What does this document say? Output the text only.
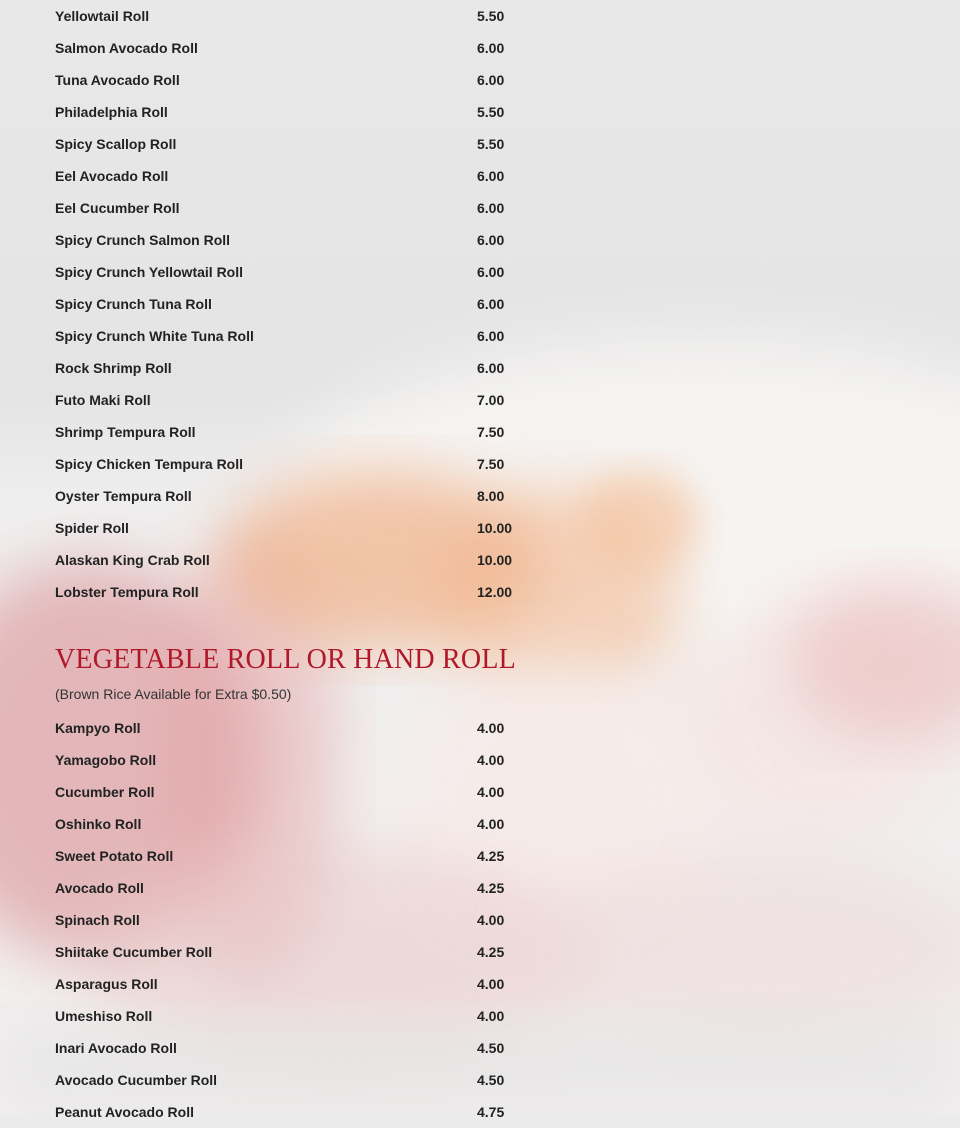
Yellowtail Roll	5.50
Salmon Avocado Roll	6.00
Tuna Avocado Roll	6.00
Philadelphia Roll	5.50
Spicy Scallop Roll	5.50
Eel Avocado Roll	6.00
Eel Cucumber Roll	6.00
Spicy Crunch Salmon Roll	6.00
Spicy Crunch Yellowtail Roll	6.00
Spicy Crunch Tuna Roll	6.00
Spicy Crunch White Tuna Roll	6.00
Rock Shrimp Roll	6.00
Futo Maki Roll	7.00
Shrimp Tempura Roll	7.50
Spicy Chicken Tempura Roll	7.50
Oyster Tempura Roll	8.00
Spider Roll	10.00
Alaskan King Crab Roll	10.00
Lobster Tempura Roll	12.00
VEGETABLE ROLL OR HAND ROLL
(Brown Rice Available for Extra $0.50)
Kampyo Roll	4.00
Yamagobo Roll	4.00
Cucumber Roll	4.00
Oshinko Roll	4.00
Sweet Potato Roll	4.25
Avocado Roll	4.25
Spinach Roll	4.00
Shiitake Cucumber Roll	4.25
Asparagus Roll	4.00
Umeshiso Roll	4.00
Inari Avocado Roll	4.50
Avocado Cucumber Roll	4.50
Peanut Avocado Roll	4.75
